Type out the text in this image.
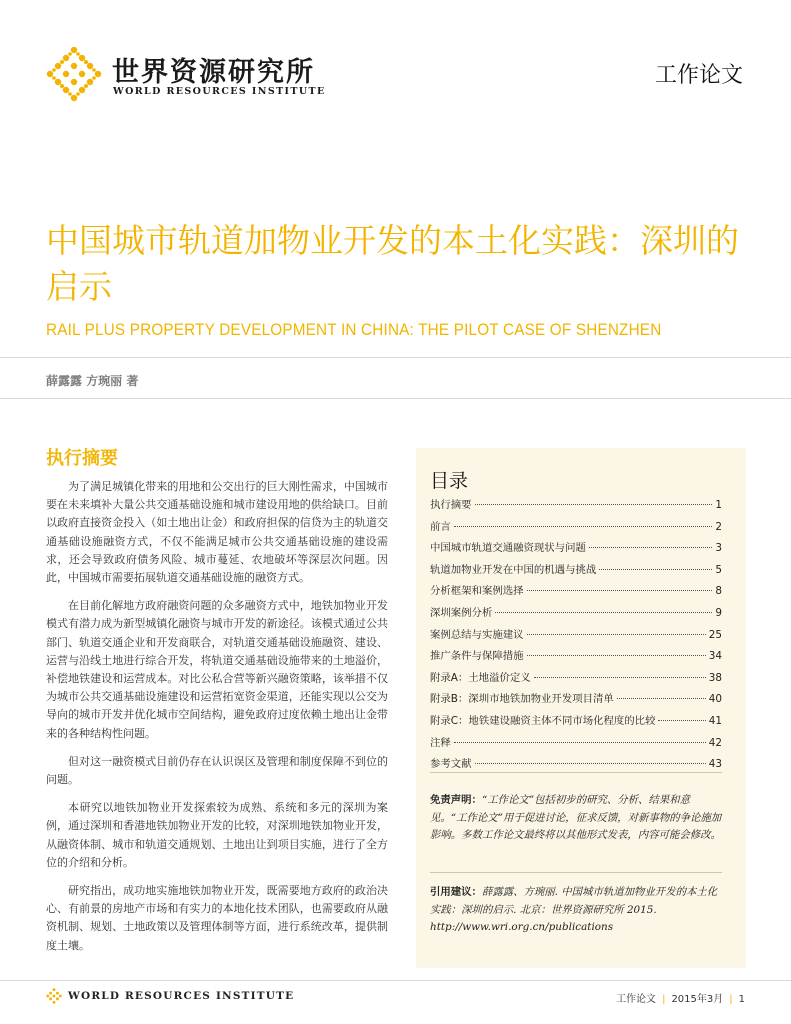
世界资源研究所
WORLD RESOURCES INSTITUTE
工作论文
中国城市轨道加物业开发的本土化实践：深圳的启示
RAIL PLUS PROPERTY DEVELOPMENT IN CHINA: THE PILOT CASE OF SHENZHEN
薛露露 方琬丽 著
执行摘要

为了满足城镇化带来的用地和公交出行的巨大刚性需求，中国城市要在未来填补大量公共交通基础设施和城市建设用地的供给缺口。目前以政府直接资金投入（如土地出让金）和政府担保的信贷为主的轨道交通基础设施融资方式，不仅不能满足城市公共交通基础设施的建设需求，还会导致政府债务风险、城市蔓延、农地破坏等深层次问题。因此，中国城市需要拓展轨道交通基础设施的融资方式。

在目前化解地方政府融资问题的众多融资方式中，地铁加物业开发模式有潜力成为新型城镇化融资与城市开发的新途径。该模式通过公共部门、轨道交通企业和开发商联合，对轨道交通基础设施融资、建设、运营与沿线土地进行综合开发，将轨道交通基础设施带来的土地溢价，补偿地铁建设和运营成本。对比公私合营等新兴融资策略，该举措不仅为城市公共交通基础设施建设和运营拓宽资金渠道，还能实现以公交为导向的城市开发并优化城市空间结构，避免政府过度依赖土地出让金带来的各种结构性问题。

但对这一融资模式目前仍存在认识误区及管理和制度保障不到位的问题。

本研究以地铁加物业开发探索较为成熟、系统和多元的深圳为案例，通过深圳和香港地铁加物业开发的比较，对深圳地铁加物业开发，从融资体制、城市和轨道交通规划、土地出让到项目实施，进行了全方位的介绍和分析。

研究指出，成功地实施地铁加物业开发，既需要地方政府的政治决心、有前景的房地产市场和有实力的本地化技术团队，也需要政府从融资机制、规划、土地政策以及管理体制等方面，进行系统改革，提供制度土壤。

目录
执行摘要	1
前言	2
中国城市轨道交通融资现状与问题	3
轨道加物业开发在中国的机遇与挑战	5
分析框架和案例选择	8
深圳案例分析	9
案例总结与实施建议	25
推广条件与保障措施	34
附录A：土地溢价定义	38
附录B：深圳市地铁加物业开发项目清单	40
附录C：地铁建设融资主体不同市场化程度的比较	41
注释	42
参考文献	43
免责声明：“工作论文”包括初步的研究、分析、结果和意见。“工作论文”用于促进讨论，征求反馈，对新事物的争论施加影响。多数工作论文最终将以其他形式发表，内容可能会修改。
引用建议：薛露露、方琬丽. 中国城市轨道加物业开发的本土化实践：深圳的启示. 北京：世界资源研究所 2015.
http://www.wri.org.cn/publications
WORLD RESOURCES INSTITUTE	工作论文 | 2015年3月 | 1
